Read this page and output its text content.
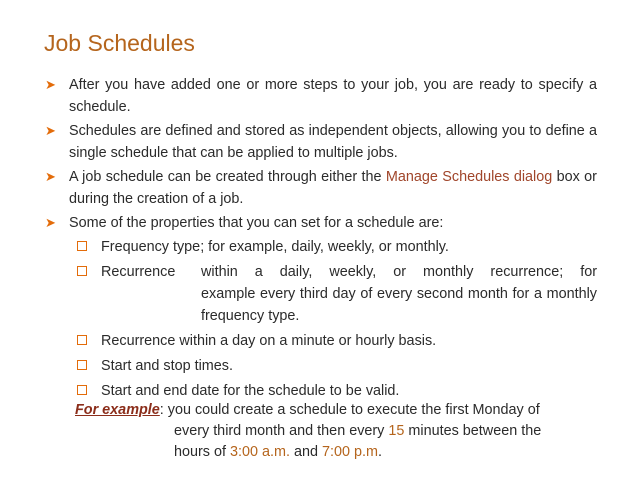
Job Schedules
➤ After you have added one or more steps to your job, you are ready to specify a schedule.
➤ Schedules are defined and stored as independent objects, allowing you to define a single schedule that can be applied to multiple jobs.
➤ A job schedule can be created through either the Manage Schedules dialog box or during the creation of a job.
➤ Some of the properties that you can set for a schedule are:
Frequency type; for example, daily, weekly, or monthly.
Recurrence	within a daily, weekly, or monthly recurrence; for
example every third day of every second month for a monthly frequency type.
Recurrence within a day on a minute or hourly basis.
Start and stop times.
Start and end date for the schedule to be valid.
For example: you could create a schedule to execute the first Monday of
every third month and then every 15 minutes between the
hours of 3:00 a.m. and 7:00 p.m.
